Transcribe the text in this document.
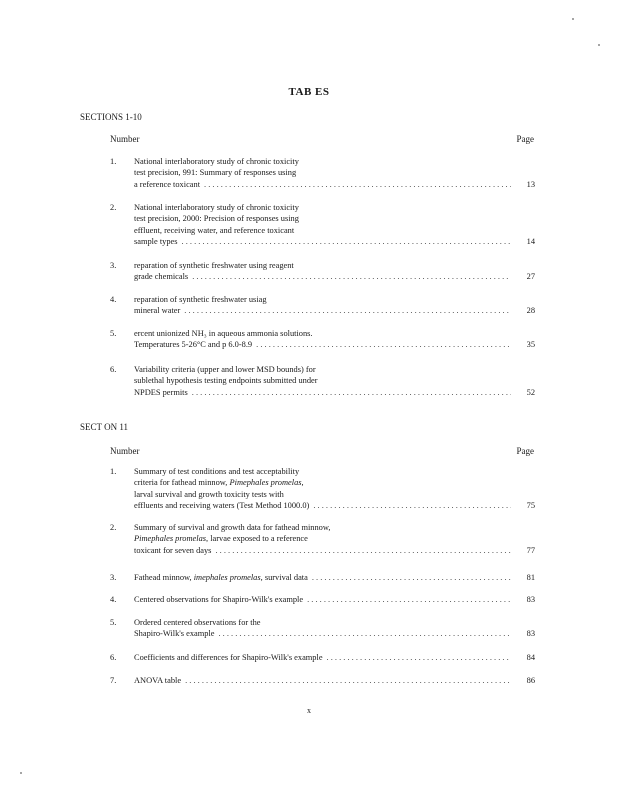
TAB ES
SECTIONS 1-10
Number	Page
1.	National interlaboratory study of chronic toxicity
test precision, 991: Summary of responses using
a reference toxicant . . .	13
2.	National interlaboratory study of chronic toxicity
test precision, 2000: Precision of responses using
effluent, receiving water, and reference toxicant
sample types . . .	14
3.	reparation of synthetic freshwater using reagent
grade chemicals . . .	27
4.	reparation of synthetic freshwater usiag
mineral water . . .	28
5.	ercent unionized NH₃ in aqueous ammonia solutions.
Temperatures 5-26°C and p 6.0-8.9 . . .	35
6.	Variability criteria (upper and lower MSD bounds) for
sublethal hypothesis testing endpoints submitted under
NPDES permits . . .	52
SECT ON 11
Number	Page
1.	Summary of test conditions and test acceptability
criteria for fathead minnow, Pimephales promelas,
larval survival and growth toxicity tests with
effluents and receiving waters (Test Method 1000.0) . . .	75
2.	Summary of survival and growth data for fathead minnow,
Pimephales promelas, larvae exposed to a reference
toxicant for seven days . . .	77
3.	Fathead minnow, imephales promelas, survival data . . .	81
4.	Centered observations for Shapiro-Wilk's example . . .	83
5.	Ordered centered observations for the
Shapiro-Wilk's example . . .	83
6.	Coefficients and differences for Shapiro-Wilk's example . . .	84
7.	ANOVA table . . .	86
x
